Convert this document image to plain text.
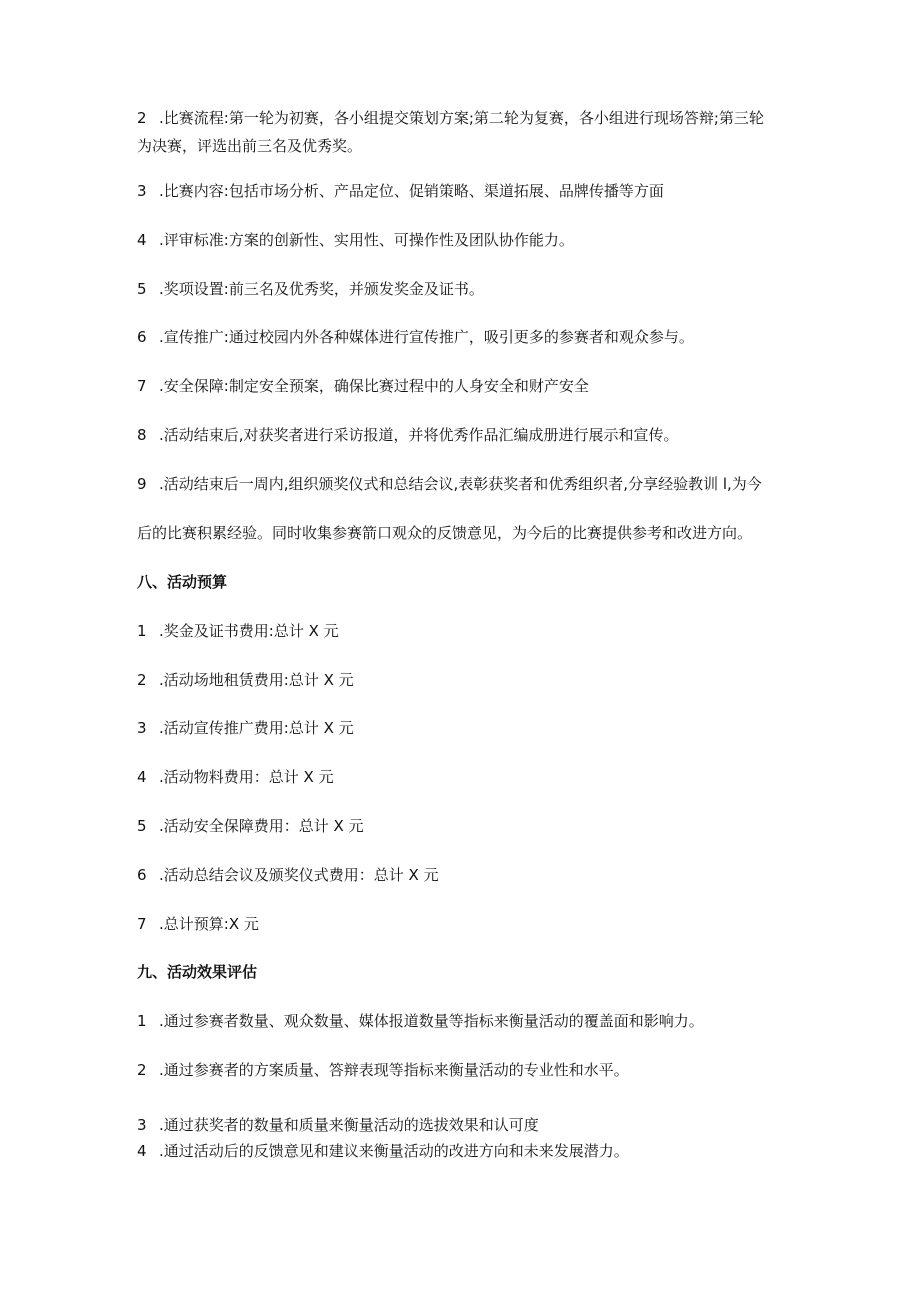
2 .比赛流程:第一轮为初赛，各小组提交策划方案;第二轮为复赛，各小组进行现场答辩;第三轮

为决赛，评选出前三名及优秀奖。

3 .比赛内容:包括市场分析、产品定位、促销策略、渠道拓展、品牌传播等方面

4 .评审标准:方案的创新性、实用性、可操作性及团队协作能力。

5 .奖项设置:前三名及优秀奖，并颁发奖金及证书。

6 .宣传推广:通过校园内外各种媒体进行宣传推广，吸引更多的参赛者和观众参与。

7 .安全保障:制定安全预案，确保比赛过程中的人身安全和财产安全

8 .活动结束后,对获奖者进行采访报道，并将优秀作品汇编成册进行展示和宣传。

9 .活动结束后一周内,组织颁奖仪式和总结会议,表彰获奖者和优秀组织者,分享经验教训 l,为今

后的比赛积累经验。同时收集参赛箭口观众的反馈意见，为今后的比赛提供参考和改进方向。

八、活动预算

1 .奖金及证书费用:总计 X 元

2 .活动场地租赁费用:总计 X 元

3 .活动宣传推广费用:总计 X 元

4 .活动物料费用：总计 X 元

5 .活动安全保障费用：总计 X 元

6 .活动总结会议及颁奖仪式费用：总计 X 元

7 .总计预算:X 元

九、活动效果评估

1 .通过参赛者数量、观众数量、媒体报道数量等指标来衡量活动的覆盖面和影响力。

2 .通过参赛者的方案质量、答辩表现等指标来衡量活动的专业性和水平。

3 .通过获奖者的数量和质量来衡量活动的选拔效果和认可度

4 .通过活动后的反馈意见和建议来衡量活动的改进方向和未来发展潜力。
